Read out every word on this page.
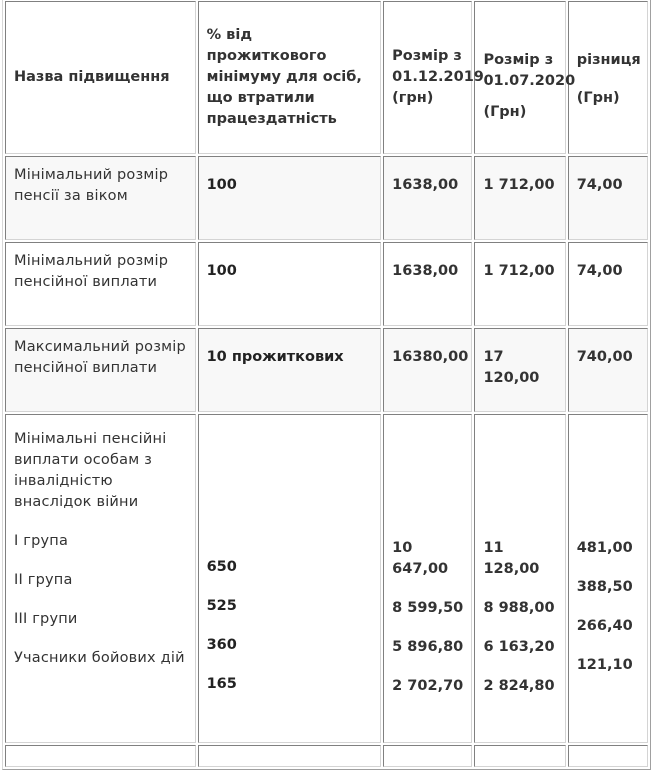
Назва підвищення	% від прожиткового мінімуму для осіб, що втратили працездатність	Розмір з 01.12.2019 (грн)	
Розмір з 01.07.2020
(Грн)

різниця
(Грн)

Мінімальний розмір пенсії за віком	
100	1638,00	1 712,00	74,00

Мінімальний розмір пенсійної виплати	
100	1638,00	1 712,00	74,00

Максимальний розмір пенсійної виплати	
10 прожиткових	16380,00	17 120,00

740,00

Мінімальні пенсійні виплати особам з інвалідністю внаслідок війни
I група
II група
III групи
Учасники бойових дій

650
525
360
165

10 647,00
8 599,50
5 896,80
2 702,70

11 128,00
8 988,00
6 163,20
2 824,80

481,00
388,50
266,40
121,10
